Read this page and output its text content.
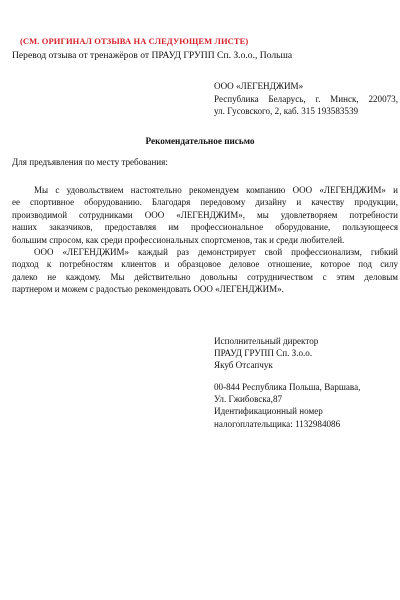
(СМ. ОРИГИНАЛ ОТЗЫВА НА СЛЕДУЮЩЕМ ЛИСТЕ)
Перевод отзыва от тренажёров от ПРАУД ГРУПП Сп. З.о.о., Польша
ООО «ЛЕГЕНДЖИМ»
Республика Беларусь, г. Минск, 220073,
ул. Гусовского, 2, каб. 315 193583539
Рекомендательное письмо
Для предъявления по месту требования:
Мы с удовольствием настоятельно рекомендуем компанию ООО «ЛЕГЕНДЖИМ» и
ее спортивное оборудованию. Благодаря передовому дизайну и качеству продукции,
производимой сотрудниками ООО «ЛЕГЕНДЖИМ», мы удовлетворяем потребности
наших заказчиков, предоставляя им профессиональное оборудование, пользующееся
большим спросом, как среди профессиональных спортсменов, так и среди любителей.
ООО «ЛЕГЕНДЖИМ» каждый раз демонстрирует свой профессионализм, гибкий
подход к потребностям клиентов и образцовое деловое отношение, которое под силу
далеко не каждому. Мы действительно довольны сотрудничеством с этим деловым
партнером и можем с радостью рекомендовать ООО «ЛЕГЕНДЖИМ».
Исполнительный директор
ПРАУД ГРУПП Сп. З.о.о.
Якуб Отсапчук
00-844 Республика Польша, Варшава,
Ул. Гжибовска,87
Идентификационный номер
налогоплательщика: 1132984086
